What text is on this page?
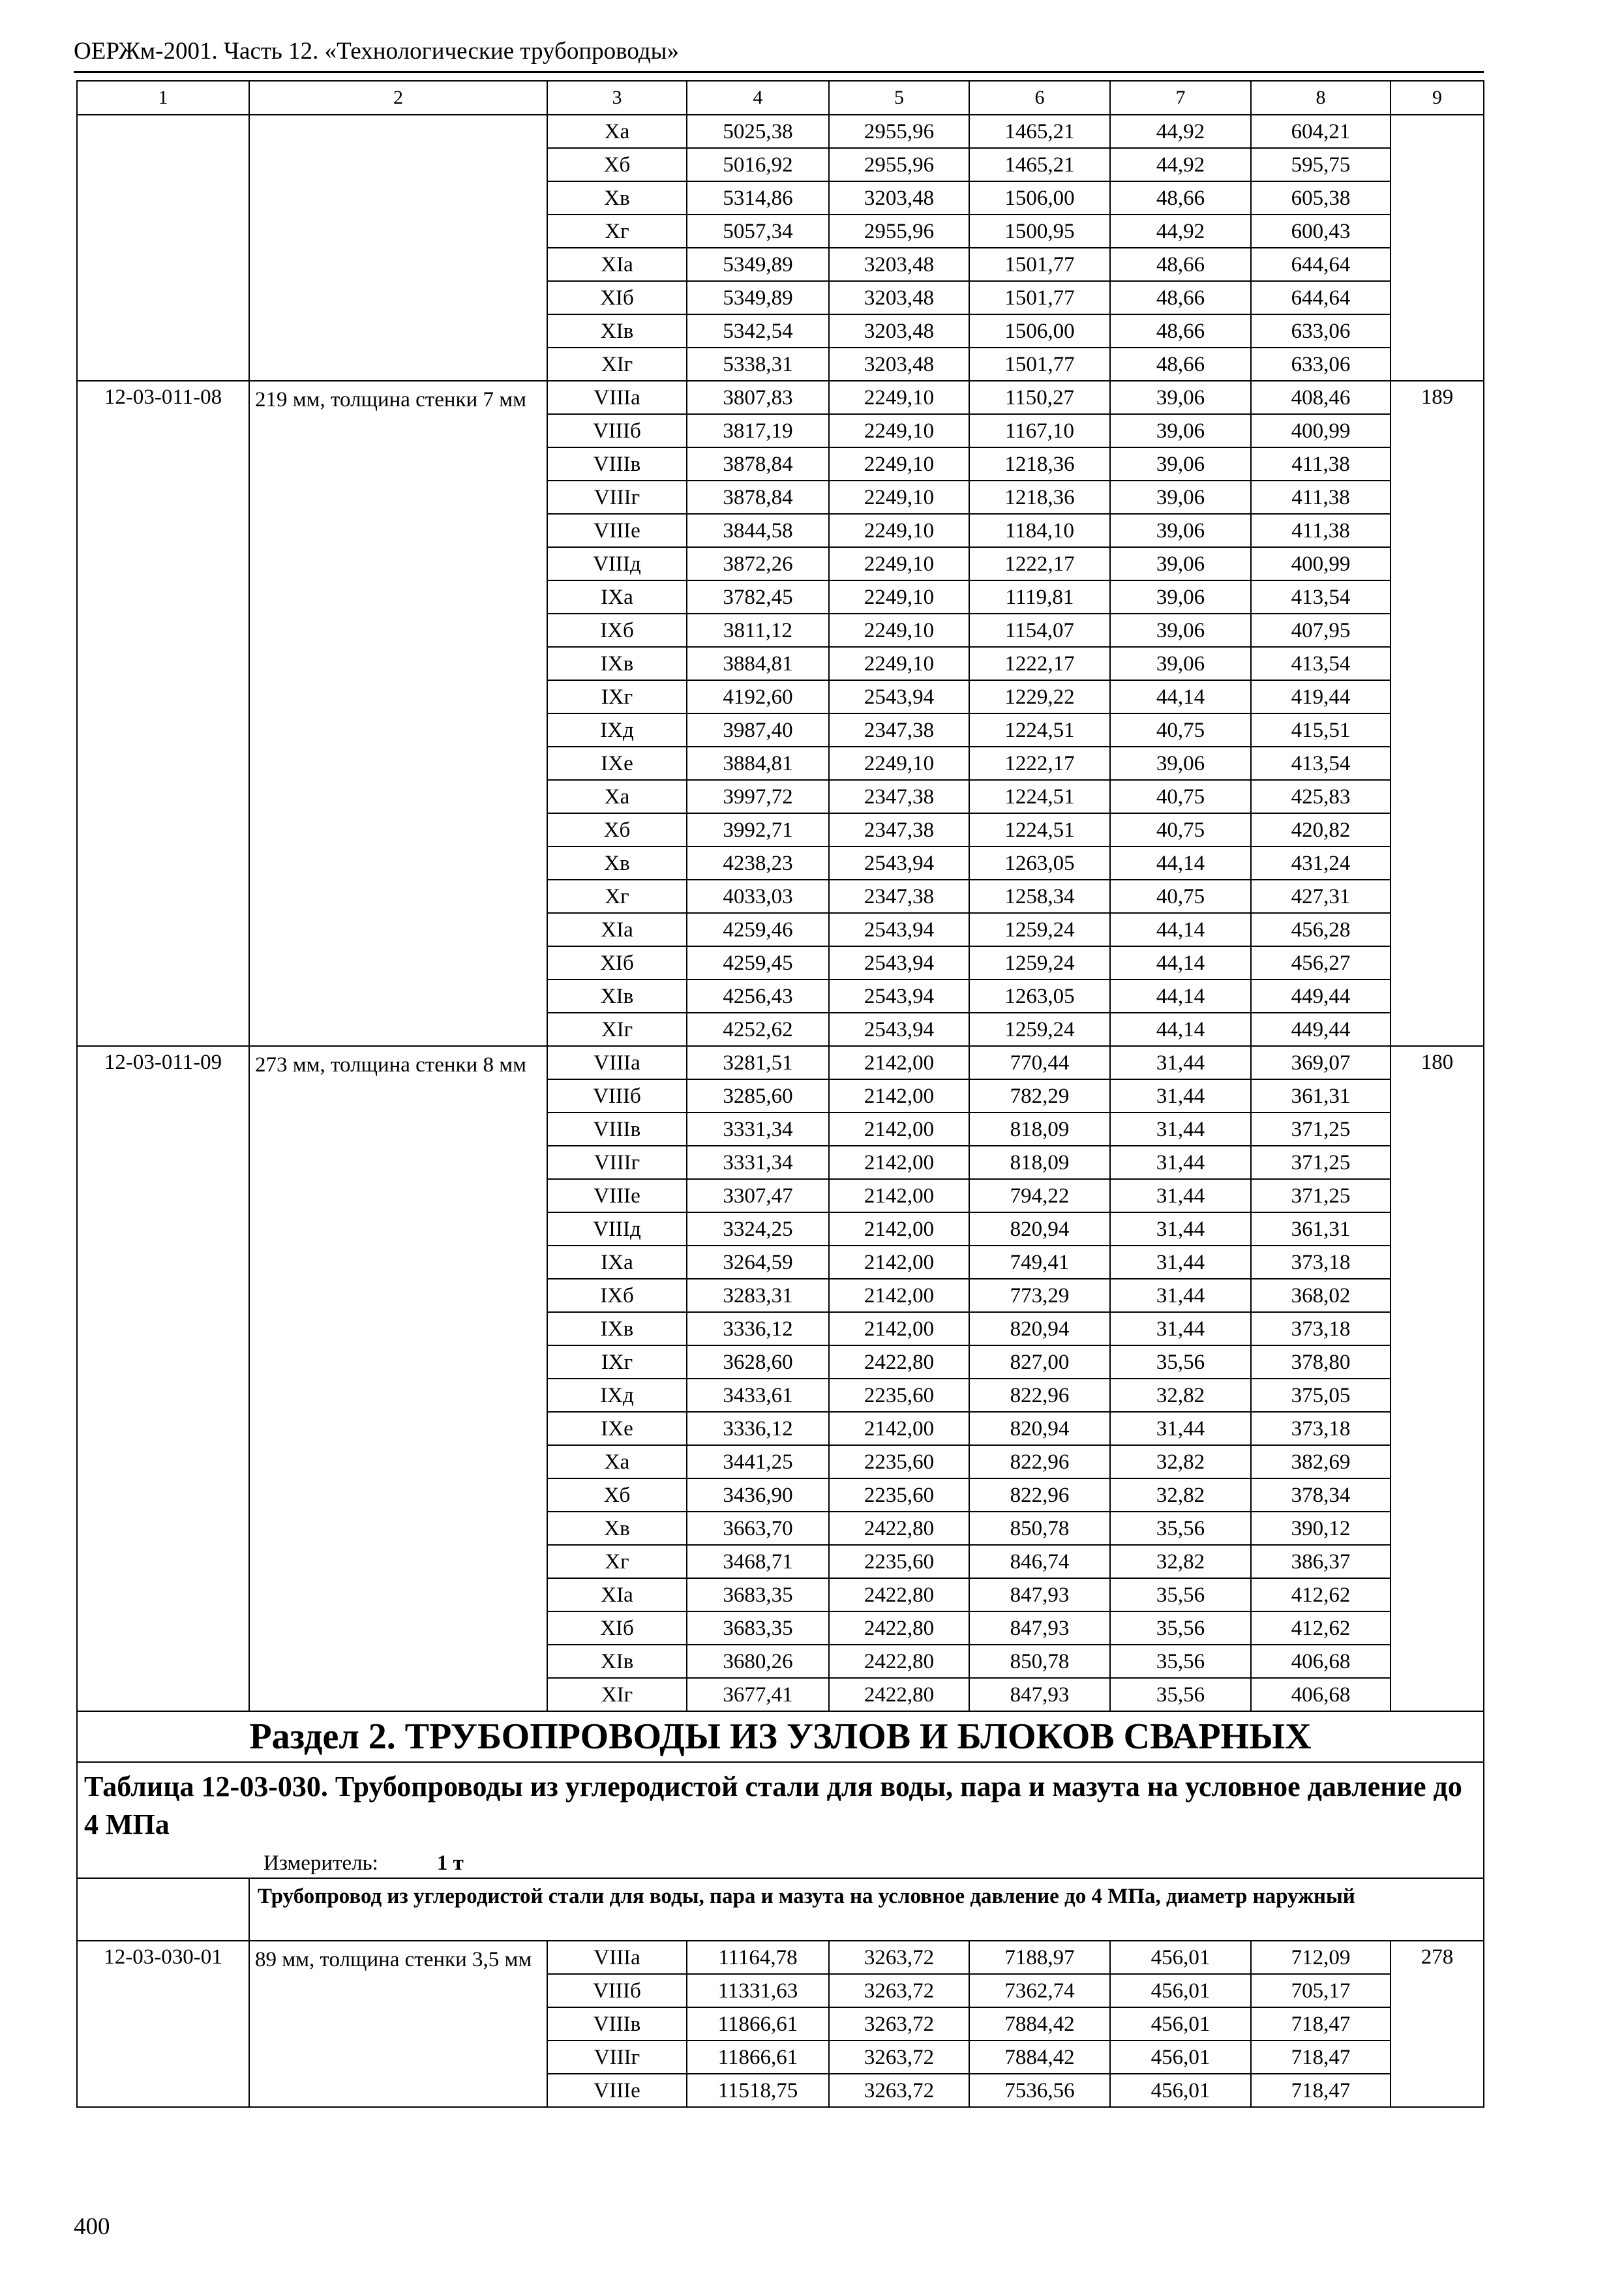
ОЕРЖм-2001. Часть 12. «Технологические трубопроводы»
1	2	3	4	5	6	7	8	9
		Xa	5025,38	2955,96	1465,21	44,92	604,21	
		Xб	5016,92	2955,96	1465,21	44,92	595,75	
		Xв	5314,86	3203,48	1506,00	48,66	605,38	
		Xг	5057,34	2955,96	1500,95	44,92	600,43	
		XIa	5349,89	3203,48	1501,77	48,66	644,64	
		XIб	5349,89	3203,48	1501,77	48,66	644,64	
		XIв	5342,54	3203,48	1506,00	48,66	633,06	
		XIг	5338,31	3203,48	1501,77	48,66	633,06	
12-03-011-08	219 мм, толщина стенки 7 мм	VIIIa	3807,83	2249,10	1150,27	39,06	408,46	189
		VIIIб	3817,19	2249,10	1167,10	39,06	400,99	
		VIIIв	3878,84	2249,10	1218,36	39,06	411,38	
		VIIIг	3878,84	2249,10	1218,36	39,06	411,38	
		VIIIе	3844,58	2249,10	1184,10	39,06	411,38	
		VIIIд	3872,26	2249,10	1222,17	39,06	400,99	
		IXa	3782,45	2249,10	1119,81	39,06	413,54	
		IXб	3811,12	2249,10	1154,07	39,06	407,95	
		IXв	3884,81	2249,10	1222,17	39,06	413,54	
		IXг	4192,60	2543,94	1229,22	44,14	419,44	
		IXд	3987,40	2347,38	1224,51	40,75	415,51	
		IXе	3884,81	2249,10	1222,17	39,06	413,54	
		Xa	3997,72	2347,38	1224,51	40,75	425,83	
		Xб	3992,71	2347,38	1224,51	40,75	420,82	
		Xв	4238,23	2543,94	1263,05	44,14	431,24	
		Xг	4033,03	2347,38	1258,34	40,75	427,31	
		XIa	4259,46	2543,94	1259,24	44,14	456,28	
		XIб	4259,45	2543,94	1259,24	44,14	456,27	
		XIв	4256,43	2543,94	1263,05	44,14	449,44	
		XIг	4252,62	2543,94	1259,24	44,14	449,44	
12-03-011-09	273 мм, толщина стенки 8 мм	VIIIa	3281,51	2142,00	770,44	31,44	369,07	180
		VIIIб	3285,60	2142,00	782,29	31,44	361,31	
		VIIIв	3331,34	2142,00	818,09	31,44	371,25	
		VIIIг	3331,34	2142,00	818,09	31,44	371,25	
		VIIIе	3307,47	2142,00	794,22	31,44	371,25	
		VIIIд	3324,25	2142,00	820,94	31,44	361,31	
		IXa	3264,59	2142,00	749,41	31,44	373,18	
		IXб	3283,31	2142,00	773,29	31,44	368,02	
		IXв	3336,12	2142,00	820,94	31,44	373,18	
		IXг	3628,60	2422,80	827,00	35,56	378,80	
		IXд	3433,61	2235,60	822,96	32,82	375,05	
		IXе	3336,12	2142,00	820,94	31,44	373,18	
		Xa	3441,25	2235,60	822,96	32,82	382,69	
		Xб	3436,90	2235,60	822,96	32,82	378,34	
		Xв	3663,70	2422,80	850,78	35,56	390,12	
		Xг	3468,71	2235,60	846,74	32,82	386,37	
		XIa	3683,35	2422,80	847,93	35,56	412,62	
		XIб	3683,35	2422,80	847,93	35,56	412,62	
		XIв	3680,26	2422,80	850,78	35,56	406,68	
		XIг	3677,41	2422,80	847,93	35,56	406,68	
Раздел 2. ТРУБОПРОВОДЫ ИЗ УЗЛОВ И БЛОКОВ СВАРНЫХ								
Таблица 12-03-030. Трубопроводы из углеродистой стали для воды, пара и мазута на условное давление до 4 МПа
Измеритель: 1 т								

	Трубопровод из углеродистой стали для воды, пара и мазута на условное давление до 4 МПа, диаметр наружный							
12-03-030-01	89 мм, толщина стенки 3,5 мм	VIIIa	11164,78	3263,72	7188,97	456,01	712,09	278
		VIIIб	11331,63	3263,72	7362,74	456,01	705,17	
		VIIIв	11866,61	3263,72	7884,42	456,01	718,47	
		VIIIг	11866,61	3263,72	7884,42	456,01	718,47	
		VIIIе	11518,75	3263,72	7536,56	456,01	718,47	
400
